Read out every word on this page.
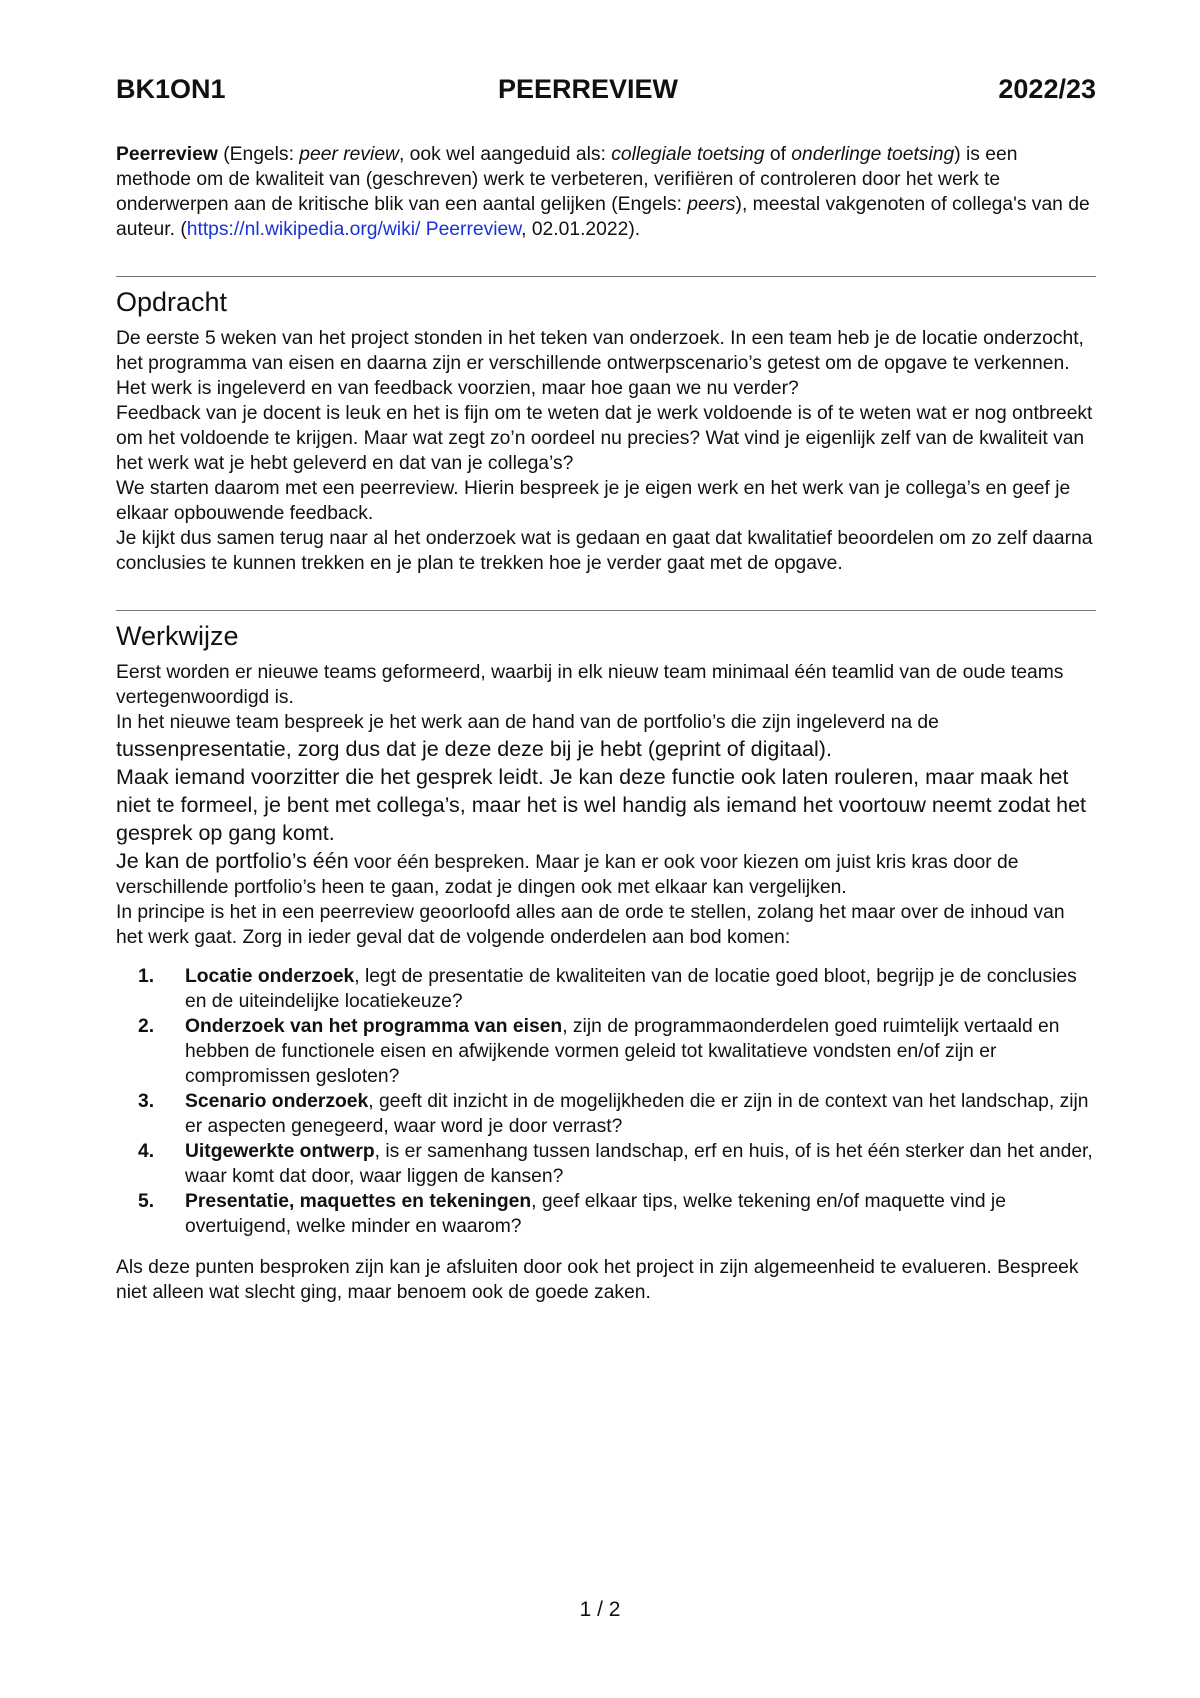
BK1ON1	PEERREVIEW	2022/23

Peerreview (Engels: peer review, ook wel aangeduid als: collegiale toetsing of onderlinge toetsing) is een methode om de kwaliteit van (geschreven) werk te verbeteren, verifiëren of controleren door het werk te onderwerpen aan de kritische blik van een aantal gelijken (Engels: peers), meestal vakgenoten of collega's van de auteur. (https://nl.wikipedia.org/wiki/ Peerreview, 02.01.2022).

Opdracht

De eerste 5 weken van het project stonden in het teken van onderzoek. In een team heb je de locatie onderzocht, het programma van eisen en daarna zijn er verschillende ontwerpscenario’s getest om de opgave te verkennen.

Het werk is ingeleverd en van feedback voorzien, maar hoe gaan we nu verder?

Feedback van je docent is leuk en het is fijn om te weten dat je werk voldoende is of te weten wat er nog ontbreekt om het voldoende te krijgen. Maar wat zegt zo’n oordeel nu precies? Wat vind je eigenlijk zelf van de kwaliteit van het werk wat je hebt geleverd en dat van je collega’s?

We starten daarom met een peerreview. Hierin bespreek je je eigen werk en het werk van je collega’s en geef je elkaar opbouwende feedback.

Je kijkt dus samen terug naar al het onderzoek wat is gedaan en gaat dat kwalitatief beoordelen om zo zelf daarna conclusies te kunnen trekken en je plan te trekken hoe je verder gaat met de opgave.

Werkwijze

Eerst worden er nieuwe teams geformeerd, waarbij in elk nieuw team minimaal één teamlid van de oude teams vertegenwoordigd is.

In het nieuwe team bespreek je het werk aan de hand van de portfolio’s die zijn ingeleverd na de

tussenpresentatie, zorg dus dat je deze deze bij je hebt (geprint of digitaal).

Maak iemand voorzitter die het gesprek leidt. Je kan deze functie ook laten rouleren, maar maak het niet te formeel, je bent met collega’s, maar het is wel handig als iemand het voortouw neemt zodat het gesprek op gang komt.

Je kan de portfolio’s één voor één bespreken. Maar je kan er ook voor kiezen om juist kris kras door de verschillende portfolio’s heen te gaan, zodat je dingen ook met elkaar kan vergelijken.

In principe is het in een peerreview geoorloofd alles aan de orde te stellen, zolang het maar over de inhoud van het werk gaat. Zorg in ieder geval dat de volgende onderdelen aan bod komen:

1. Locatie onderzoek, legt de presentatie de kwaliteiten van de locatie goed bloot, begrijp je de conclusies en de uiteindelijke locatiekeuze?
2. Onderzoek van het programma van eisen, zijn de programmaonderdelen goed ruimtelijk vertaald en hebben de functionele eisen en afwijkende vormen geleid tot kwalitatieve vondsten en/of zijn er compromissen gesloten?
3. Scenario onderzoek, geeft dit inzicht in de mogelijkheden die er zijn in de context van het landschap, zijn er aspecten genegeerd, waar word je door verrast?
4. Uitgewerkte ontwerp, is er samenhang tussen landschap, erf en huis, of is het één sterker dan het ander, waar komt dat door, waar liggen de kansen?
5. Presentatie, maquettes en tekeningen, geef elkaar tips, welke tekening en/of maquette vind je overtuigend, welke minder en waarom?

Als deze punten besproken zijn kan je afsluiten door ook het project in zijn algemeenheid te evalueren. Bespreek niet alleen wat slecht ging, maar benoem ook de goede zaken.

1 / 2
